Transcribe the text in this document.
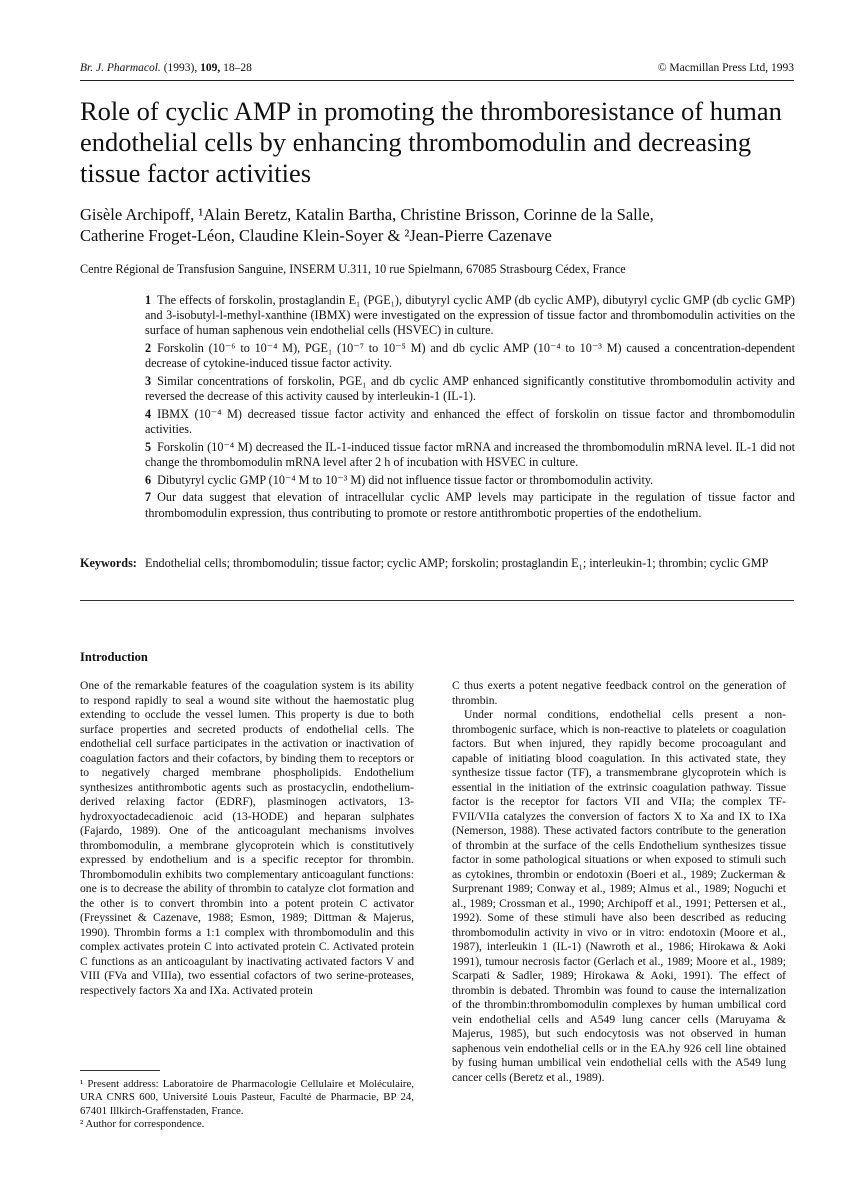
Br. J. Pharmacol. (1993), 109, 18–28	© Macmillan Press Ltd, 1993
Role of cyclic AMP in promoting the thromboresistance of human endothelial cells by enhancing thrombomodulin and decreasing tissue factor activities
Gisèle Archipoff, ¹Alain Beretz, Katalin Bartha, Christine Brisson, Corinne de la Salle,
Catherine Froget-Léon, Claudine Klein-Soyer & ²Jean-Pierre Cazenave
Centre Régional de Transfusion Sanguine, INSERM U.311, 10 rue Spielmann, 67085 Strasbourg Cédex, France

1 The effects of forskolin, prostaglandin E₁ (PGE₁), dibutyryl cyclic AMP (db cyclic AMP), dibutyryl cyclic GMP (db cyclic GMP) and 3-isobutyl-l-methyl-xanthine (IBMX) were investigated on the expression of tissue factor and thrombomodulin activities on the surface of human saphenous vein endothelial cells (HSVEC) in culture.

2 Forskolin (10⁻⁶ to 10⁻⁴ M), PGE₁ (10⁻⁷ to 10⁻⁵ M) and db cyclic AMP (10⁻⁴ to 10⁻³ M) caused a concentration-dependent decrease of cytokine-induced tissue factor activity.

3 Similar concentrations of forskolin, PGE₁ and db cyclic AMP enhanced significantly constitutive thrombomodulin activity and reversed the decrease of this activity caused by interleukin-1 (IL-1).

4 IBMX (10⁻⁴ M) decreased tissue factor activity and enhanced the effect of forskolin on tissue factor and thrombomodulin activities.

5 Forskolin (10⁻⁴ M) decreased the IL-1-induced tissue factor mRNA and increased the thrombomodulin mRNA level. IL-1 did not change the thrombomodulin mRNA level after 2 h of incubation with HSVEC in culture.

6 Dibutyryl cyclic GMP (10⁻⁴ M to 10⁻³ M) did not influence tissue factor or thrombomodulin activity.

7 Our data suggest that elevation of intracellular cyclic AMP levels may participate in the regulation of tissue factor and thrombomodulin expression, thus contributing to promote or restore antithrombotic properties of the endothelium.

Keywords: Endothelial cells; thrombomodulin; tissue factor; cyclic AMP; forskolin; prostaglandin E₁; interleukin-1; thrombin; cyclic GMP
Introduction

One of the remarkable features of the coagulation system is its ability to respond rapidly to seal a wound site without the haemostatic plug extending to occlude the vessel lumen. This property is due to both surface properties and secreted products of endothelial cells. The endothelial cell surface participates in the activation or inactivation of coagulation factors and their cofactors, by binding them to receptors or to negatively charged membrane phospholipids. Endothelium synthesizes antithrombotic agents such as prostacyclin, endothelium-derived relaxing factor (EDRF), plasminogen activators, 13-hydroxyoctadecadienoic acid (13-HODE) and heparan sulphates (Fajardo, 1989). One of the anticoagulant mechanisms involves thrombomodulin, a membrane glycoprotein which is constitutively expressed by endothelium and is a specific receptor for thrombin. Thrombomodulin exhibits two complementary anticoagulant functions: one is to decrease the ability of thrombin to catalyze clot formation and the other is to convert thrombin into a potent protein C activator (Freyssinet & Cazenave, 1988; Esmon, 1989; Dittman & Majerus, 1990). Thrombin forms a 1:1 complex with thrombomodulin and this complex activates protein C into activated protein C. Activated protein C functions as an anticoagulant by inactivating activated factors V and VIII (FVa and VIIIa), two essential cofactors of two serine-proteases, respectively factors Xa and IXa. Activated protein

C thus exerts a potent negative feedback control on the generation of thrombin.

Under normal conditions, endothelial cells present a non-thrombogenic surface, which is non-reactive to platelets or coagulation factors. But when injured, they rapidly become procoagulant and capable of initiating blood coagulation. In this activated state, they synthesize tissue factor (TF), a transmembrane glycoprotein which is essential in the initiation of the extrinsic coagulation pathway. Tissue factor is the receptor for factors VII and VIIa; the complex TF-FVII/VIIa catalyzes the conversion of factors X to Xa and IX to IXa (Nemerson, 1988). These activated factors contribute to the generation of thrombin at the surface of the cells Endothelium synthesizes tissue factor in some pathological situations or when exposed to stimuli such as cytokines, thrombin or endotoxin (Boeri et al., 1989; Zuckerman & Surprenant 1989; Conway et al., 1989; Almus et al., 1989; Noguchi et al., 1989; Crossman et al., 1990; Archipoff et al., 1991; Pettersen et al., 1992). Some of these stimuli have also been described as reducing thrombomodulin activity in vivo or in vitro: endotoxin (Moore et al., 1987), interleukin 1 (IL-1) (Nawroth et al., 1986; Hirokawa & Aoki 1991), tumour necrosis factor (Gerlach et al., 1989; Moore et al., 1989; Scarpati & Sadler, 1989; Hirokawa & Aoki, 1991). The effect of thrombin is debated. Thrombin was found to cause the internalization of the thrombin:thrombomodulin complexes by human umbilical cord vein endothelial cells and A549 lung cancer cells (Maruyama & Majerus, 1985), but such endocytosis was not observed in human saphenous vein endothelial cells or in the EA.hy 926 cell line obtained by fusing human umbilical vein endothelial cells with the A549 lung cancer cells (Beretz et al., 1989).

¹ Present address: Laboratoire de Pharmacologie Cellulaire et Moléculaire, URA CNRS 600, Université Louis Pasteur, Faculté de Pharmacie, BP 24, 67401 Illkirch-Graffenstaden, France.

² Author for correspondence.
